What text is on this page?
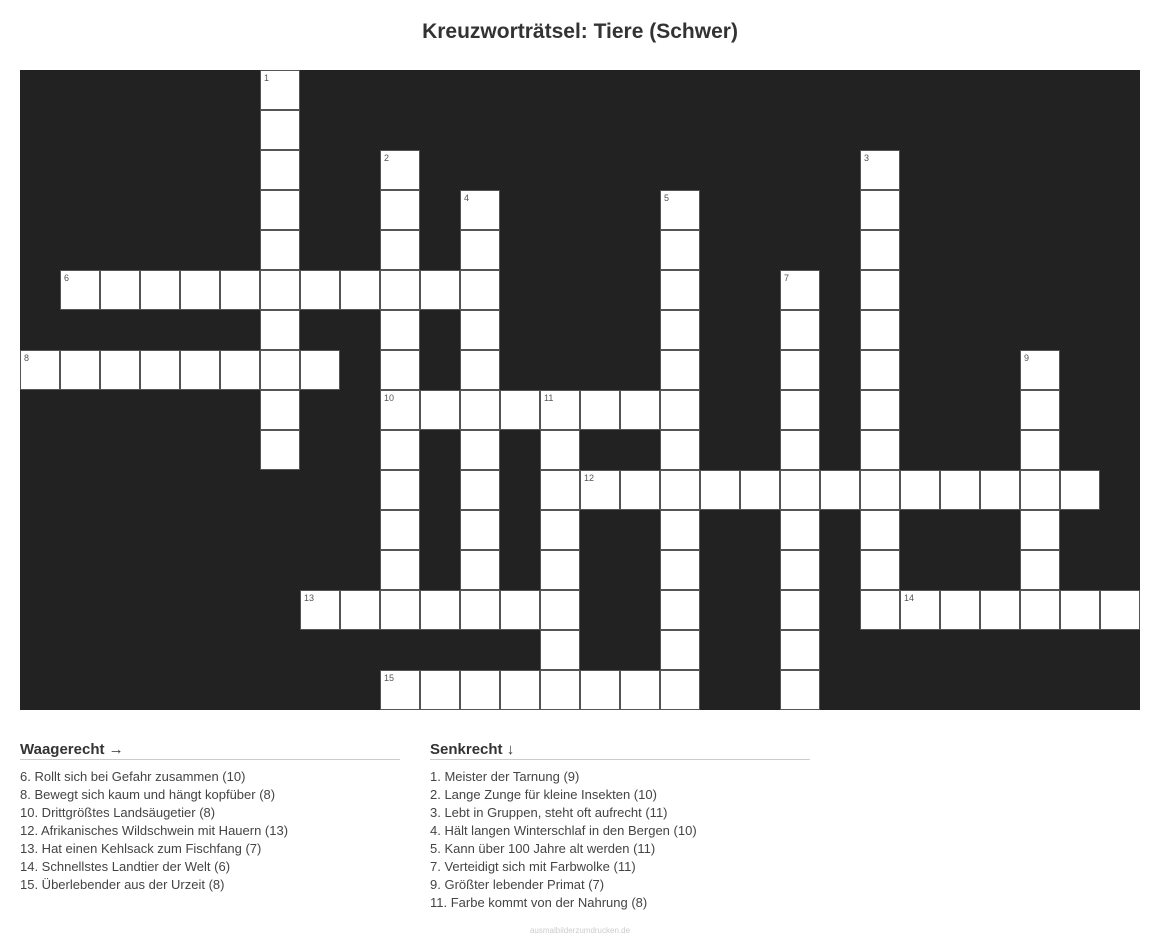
Kreuzworträtsel: Tiere (Schwer)
1
2
10
3
4	5
6	7
8	9
11
12
13	14
15
Waagerecht →
6. Rollt sich bei Gefahr zusammen (10)
8. Bewegt sich kaum und hängt kopfüber (8)
10. Drittgrößtes Landsäugetier (8)
12. Afrikanisches Wildschwein mit Hauern (13)
13. Hat einen Kehlsack zum Fischfang (7)
14. Schnellstes Landtier der Welt (6)
15. Überlebender aus der Urzeit (8)
Senkrecht ↓
1. Meister der Tarnung (9)
2. Lange Zunge für kleine Insekten (10)
3. Lebt in Gruppen, steht oft aufrecht (11)
4. Hält langen Winterschlaf in den Bergen (10)
5. Kann über 100 Jahre alt werden (11)
7. Verteidigt sich mit Farbwolke (11)
9. Größter lebender Primat (7)
11. Farbe kommt von der Nahrung (8)
ausmalbilderzumdrucken.de
